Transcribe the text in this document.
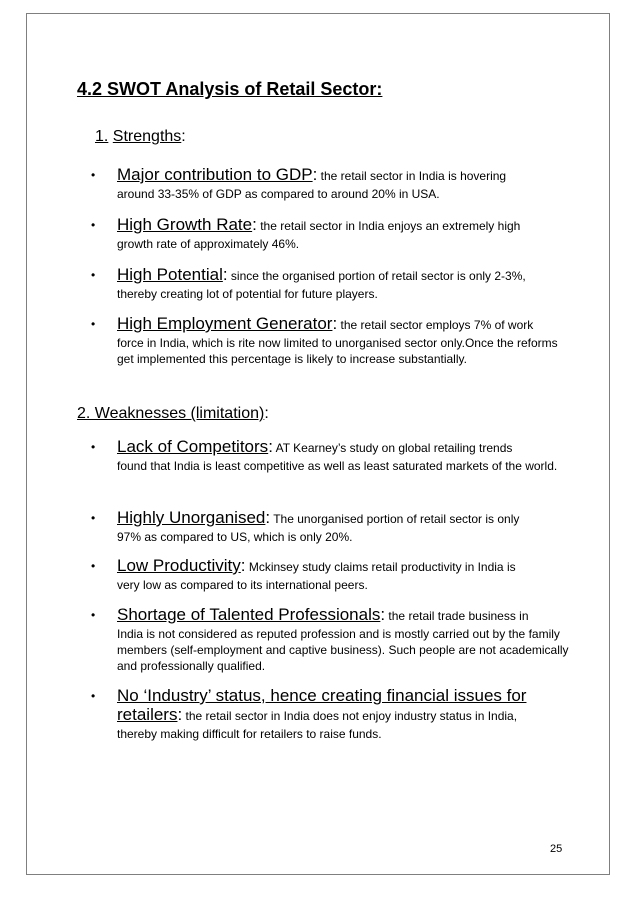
4.2 SWOT Analysis of Retail Sector:

1. Strengths:

• Major contribution to GDP: the retail sector in India is hovering
around 33-35% of GDP as compared to around 20% in USA.
• High Growth Rate: the retail sector in India enjoys an extremely high
growth rate of approximately 46%.
• High Potential: since the organised portion of retail sector is only 2-3%,
thereby creating lot of potential for future players.
• High Employment Generator: the retail sector employs 7% of work
force in India, which is rite now limited to unorganised sector only.Once the reforms get implemented this percentage is likely to increase substantially.

2. Weaknesses (limitation):

• Lack of Competitors: AT Kearney’s study on global retailing trends
found that India is least competitive as well as least saturated markets of the world.
• Highly Unorganised: The unorganised portion of retail sector is only
97% as compared to US, which is only 20%.
• Low Productivity: Mckinsey study claims retail productivity in India is
very low as compared to its international peers.
• Shortage of Talented Professionals: the retail trade business in
India is not considered as reputed profession and is mostly carried out by the family members (self-employment and captive business). Such people are not academically and professionally qualified.
• No ‘Industry’ status, hence creating financial issues for retailers: the retail sector in India does not enjoy industry status in India,
thereby making difficult for retailers to raise funds.
25
